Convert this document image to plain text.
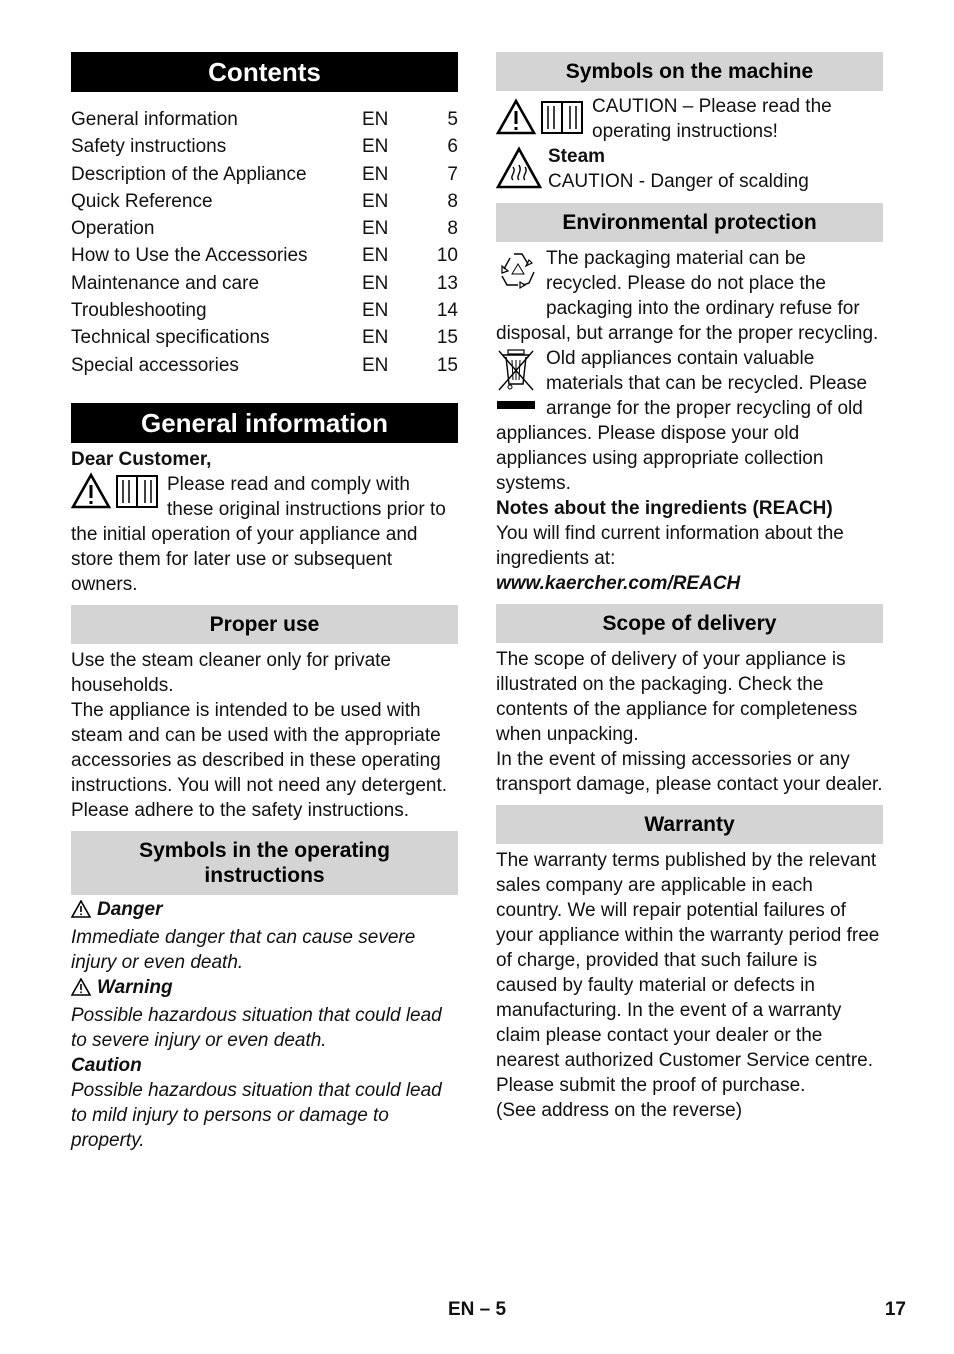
Contents
General information	EN	5
Safety instructions	EN	6
Description of the Appliance	EN	7
Quick Reference	EN	8
Operation	EN	8
How to Use the Accessories	EN	10
Maintenance and care	EN	13
Troubleshooting	EN	14
Technical specifications	EN	15
Special accessories	EN	15
General information

Dear Customer,

Please read and comply with these original instructions prior to the initial operation of your appliance and store them for later use or subsequent owners.
Proper use

Use the steam cleaner only for private households.

The appliance is intended to be used with steam and can be used with the appropriate accessories as described in these operating instructions. You will not need any detergent. Please adhere to the safety instructions.

Symbols in the operating instructions

Danger

Immediate danger that can cause severe injury or even death.

Warning

Possible hazardous situation that could lead to severe injury or even death.

Caution

Possible hazardous situation that could lead to mild injury to persons or damage to property.

Symbols on the machine
CAUTION – Please read the operating instructions!

Steam

CAUTION - Danger of scalding

Environmental protection
The packaging material can be recycled. Please do not place the packaging into the ordinary refuse for disposal, but arrange for the proper recycling.
Old appliances contain valuable materials that can be recycled. Please arrange for the proper recycling of old appliances. Please dispose your old appliances using appropriate collection systems.

Notes about the ingredients (REACH)

You will find current information about the ingredients at:

www.kaercher.com/REACH

Scope of delivery

The scope of delivery of your appliance is illustrated on the packaging. Check the contents of the appliance for completeness when unpacking.

In the event of missing accessories or any transport damage, please contact your dealer.

Warranty

The warranty terms published by the relevant sales company are applicable in each country. We will repair potential failures of your appliance within the warranty period free of charge, provided that such failure is caused by faulty material or defects in manufacturing. In the event of a warranty claim please contact your dealer or the nearest authorized Customer Service centre. Please submit the proof of purchase.

(See address on the reverse)

EN – 5	17
